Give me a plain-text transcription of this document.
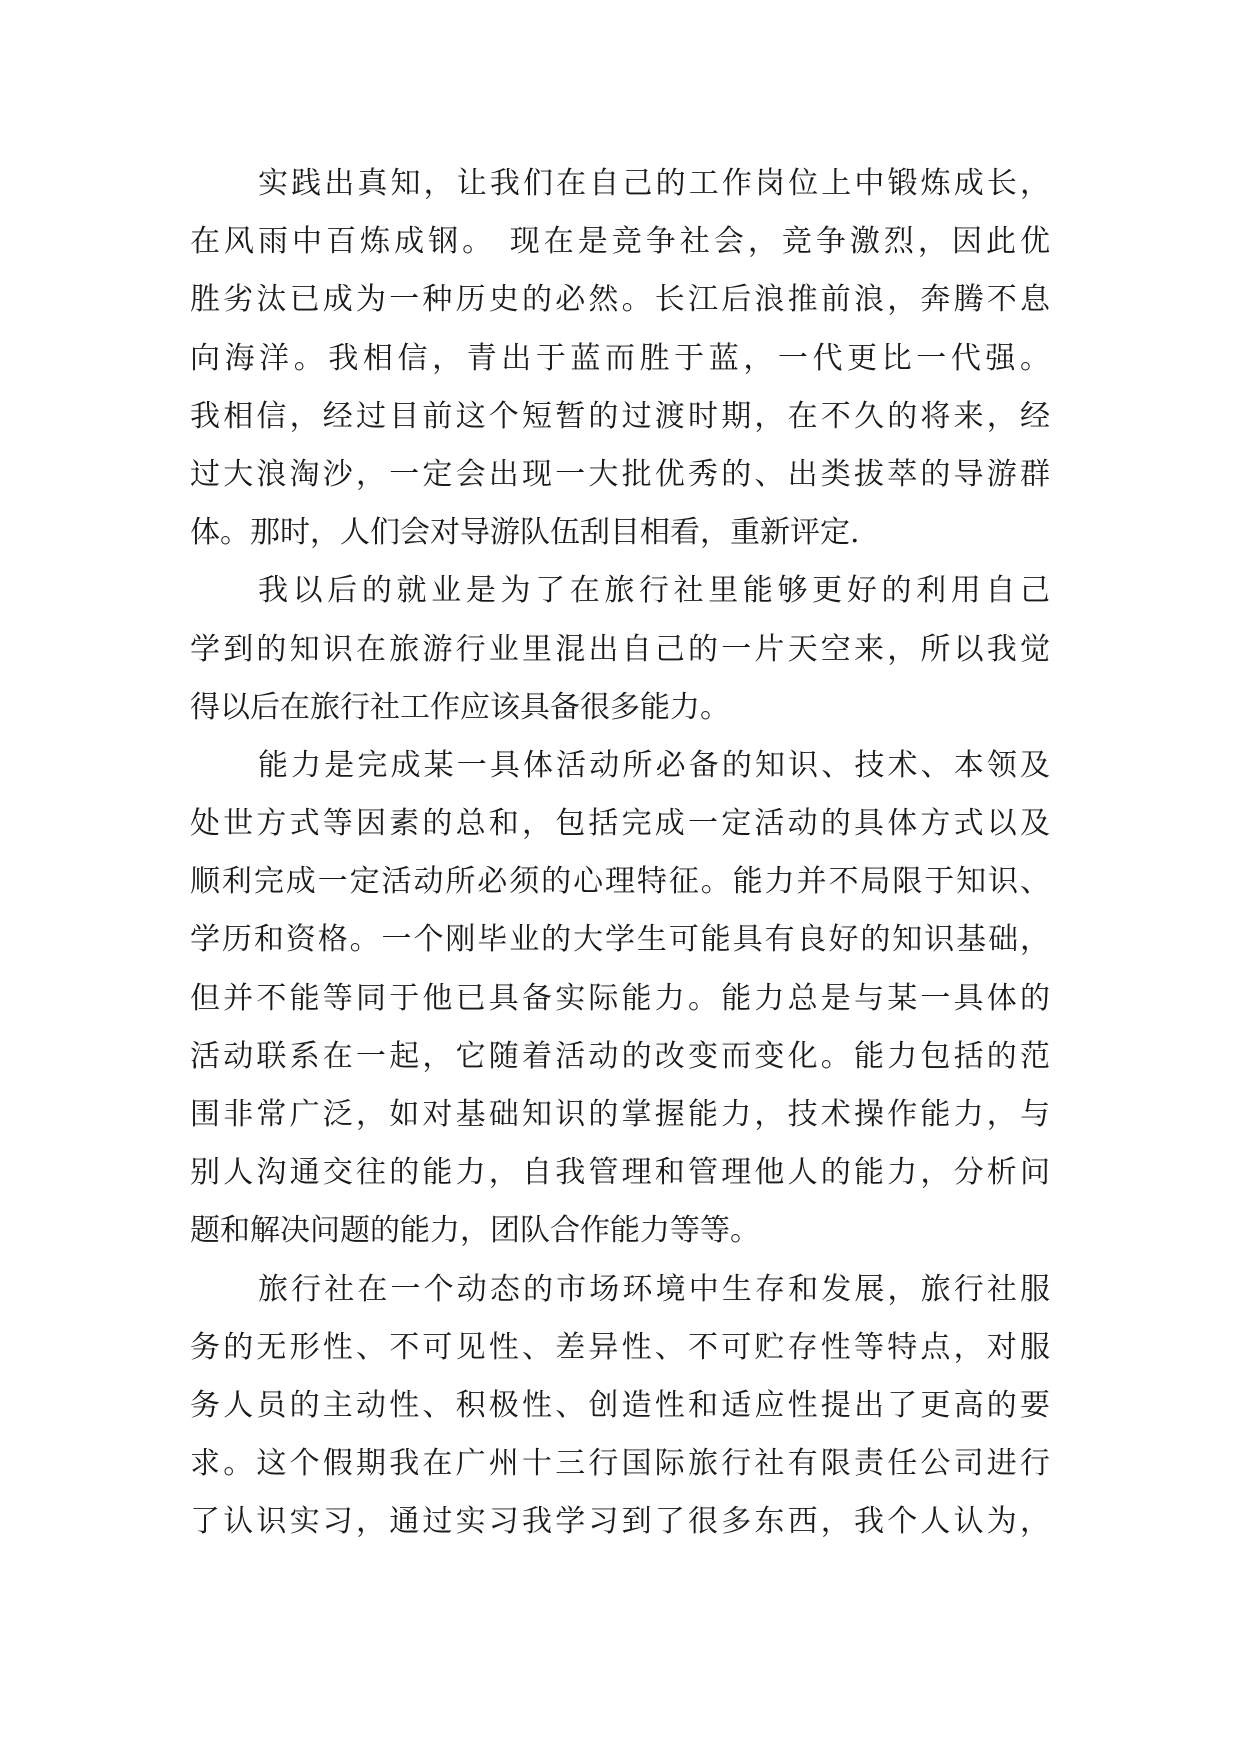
实践出真知，让我们在自己的工作岗位上中锻炼成长，
在风雨中百炼成钢。 现在是竞争社会，竞争激烈，因此优
胜劣汰已成为一种历史的必然。长江后浪推前浪，奔腾不息
向海洋。我相信，青出于蓝而胜于蓝，一代更比一代强。
我相信，经过目前这个短暂的过渡时期，在不久的将来，经
过大浪淘沙，一定会出现一大批优秀的、出类拔萃的导游群
体。那时，人们会对导游队伍刮目相看，重新评定.
我以后的就业是为了在旅行社里能够更好的利用自己
学到的知识在旅游行业里混出自己的一片天空来，所以我觉
得以后在旅行社工作应该具备很多能力。
能力是完成某一具体活动所必备的知识、技术、本领及
处世方式等因素的总和，包括完成一定活动的具体方式以及
顺利完成一定活动所必须的心理特征。能力并不局限于知识、
学历和资格。一个刚毕业的大学生可能具有良好的知识基础，
但并不能等同于他已具备实际能力。能力总是与某一具体的
活动联系在一起，它随着活动的改变而变化。能力包括的范
围非常广泛，如对基础知识的掌握能力，技术操作能力，与
别人沟通交往的能力，自我管理和管理他人的能力，分析问
题和解决问题的能力，团队合作能力等等。
旅行社在一个动态的市场环境中生存和发展，旅行社服
务的无形性、不可见性、差异性、不可贮存性等特点，对服
务人员的主动性、积极性、创造性和适应性提出了更高的要
求。这个假期我在广州十三行国际旅行社有限责任公司进行
了认识实习，通过实习我学习到了很多东西，我个人认为，
